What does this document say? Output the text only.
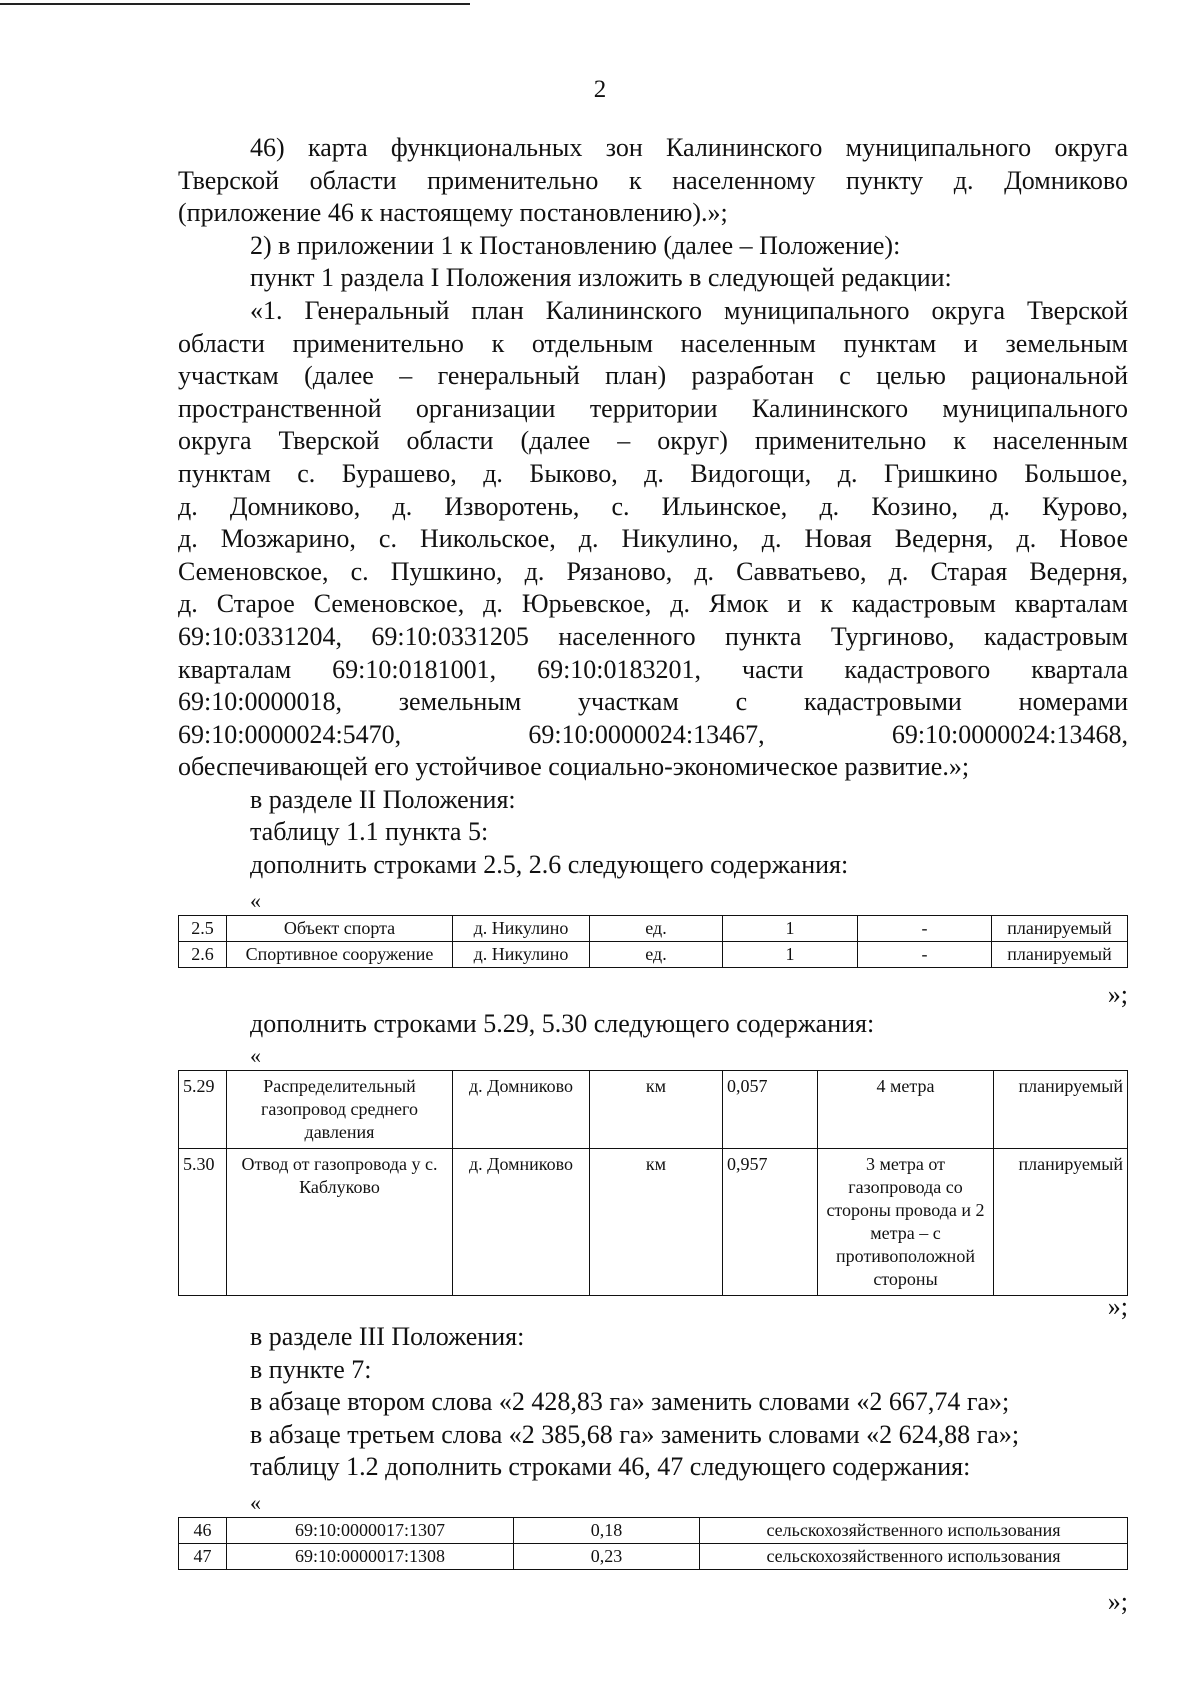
2

46) карта функциональных зон Калининского муниципального округа

Тверской области применительно к населенному пункту д. Домниково

(приложение 46 к настоящему постановлению).»;

2) в приложении 1 к Постановлению (далее – Положение):

пункт 1 раздела I Положения изложить в следующей редакции:

«1. Генеральный план Калининского муниципального округа Тверской

области применительно к отдельным населенным пунктам и земельным

участкам (далее – генеральный план) разработан с целью рациональной

пространственной организации территории Калининского муниципального

округа Тверской области (далее – округ) применительно к населенным

пунктам с. Бурашево, д. Быково, д. Видогощи, д. Гришкино Большое,

д. Домниково, д. Изворотень, с. Ильинское, д. Козино, д. Курово,

д. Мозжарино, с. Никольское, д. Никулино, д. Новая Ведерня, д. Новое

Семеновское, с. Пушкино, д. Рязаново, д. Савватьево, д. Старая Ведерня,

д. Старое Семеновское, д. Юрьевское, д. Ямок и к кадастровым кварталам

69:10:0331204, 69:10:0331205 населенного пункта Тургиново, кадастровым

кварталам 69:10:0181001, 69:10:0183201, части кадастрового квартала

69:10:0000018, земельным участкам с кадастровыми номерами

69:10:0000024:5470, 69:10:0000024:13467, 69:10:0000024:13468,

обеспечивающей его устойчивое социально-экономическое развитие.»;

в разделе II Положения:

таблицу 1.1 пункта 5:

дополнить строками 2.5, 2.6 следующего содержания:

«
2.5	Объект спорта	д. Никулино	ед.	1	-	планируемый
2.6	Спортивное сооружение	д. Никулино	ед.	1	-	планируемый
»;

дополнить строками 5.29, 5.30 следующего содержания:

«
5.29	Распределительный газопровод среднего давления	д. Домниково	км	0,057	4 метра	планируемый
5.30	Отвод от газопровода у с. Каблуково	д. Домниково	км	0,957	3 метра от газопровода со стороны провода и 2 метра – с противоположной стороны	планируемый
»;

в разделе III Положения:

в пункте 7:

в абзаце втором слова «2 428,83 га» заменить словами «2 667,74 га»;

в абзаце третьем слова «2 385,68 га» заменить словами «2 624,88 га»;

таблицу 1.2 дополнить строками 46, 47 следующего содержания:

«
46	69:10:0000017:1307	0,18	сельскохозяйственного использования
47	69:10:0000017:1308	0,23	сельскохозяйственного использования
»;
